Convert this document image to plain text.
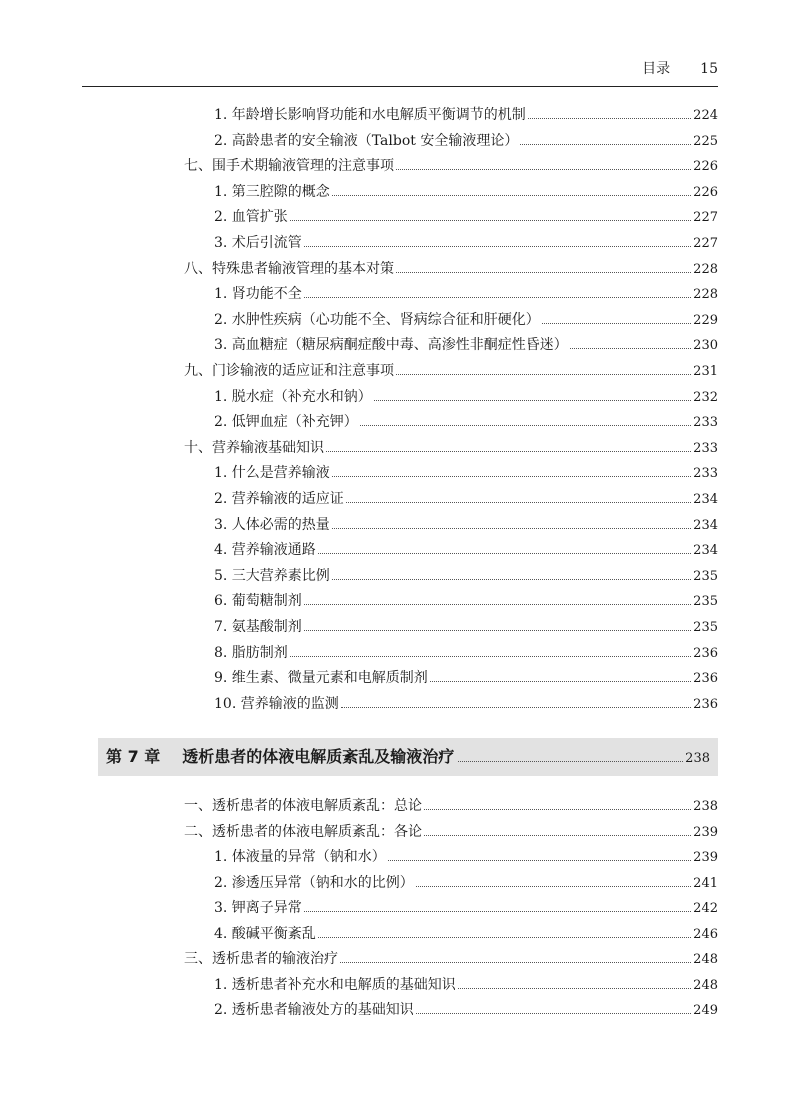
目录 15
1. 年龄增长影响肾功能和水电解质平衡调节的机制	224
2. 高龄患者的安全输液（Talbot 安全输液理论）	225
七、围手术期输液管理的注意事项	226
1. 第三腔隙的概念	226
2. 血管扩张	227
3. 术后引流管	227
八、特殊患者输液管理的基本对策	228
1. 肾功能不全	228
2. 水肿性疾病（心功能不全、肾病综合征和肝硬化）	229
3. 高血糖症（糖尿病酮症酸中毒、高渗性非酮症性昏迷）	230
九、门诊输液的适应证和注意事项	231
1. 脱水症（补充水和钠）	232
2. 低钾血症（补充钾）	233
十、营养输液基础知识	233
1. 什么是营养输液	233
2. 营养输液的适应证	234
3. 人体必需的热量	234
4. 营养输液通路	234
5. 三大营养素比例	235
6. 葡萄糖制剂	235
7. 氨基酸制剂	235
8. 脂肪制剂	236
9. 维生素、微量元素和电解质制剂	236
10. 营养输液的监测	236
第 7 章 透析患者的体液电解质紊乱及输液治疗	238
一、透析患者的体液电解质紊乱：总论	238
二、透析患者的体液电解质紊乱：各论	239
1. 体液量的异常（钠和水）	239
2. 渗透压异常（钠和水的比例）	241
3. 钾离子异常	242
4. 酸碱平衡紊乱	246
三、透析患者的输液治疗	248
1. 透析患者补充水和电解质的基础知识	248
2. 透析患者输液处方的基础知识	249
